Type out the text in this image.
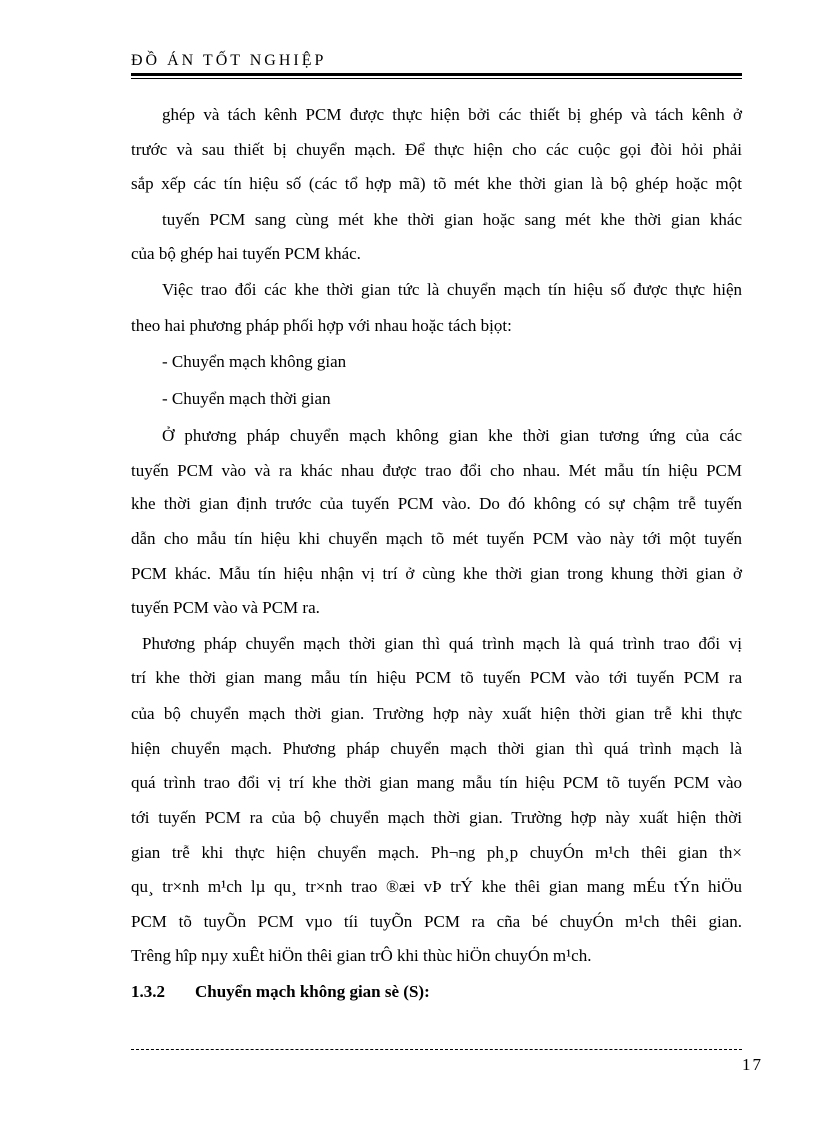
ĐỒ ÁN TỐT NGHIỆP
ghép và tách kênh PCM được thực hiện bởi các thiết bị ghép và tách kênh ở
trước và sau thiết bị chuyển mạch. Để thực hiện cho các cuộc gọi đòi hỏi phải
sắp xếp các tín hiệu số (các tổ hợp mã) tõ mét khe thời gian là bộ ghép hoặc một
tuyến PCM sang cùng mét khe thời gian hoặc sang mét khe thời gian khác
của bộ ghép hai tuyến PCM khác.
Việc trao đổi các khe thời gian tức là chuyển mạch tín hiệu số được thực hiện
theo hai phương pháp phối hợp với nhau hoặc tách bịọt:
- Chuyển mạch không gian
- Chuyển mạch thời gian
Ở phương pháp chuyển mạch không gian khe thời gian tương ứng của các
tuyến PCM vào và ra khác nhau được trao đổi cho nhau. Mét mẫu tín hiệu PCM
khe thời gian định trước của tuyến PCM vào. Do đó không có sự chậm trễ tuyến
dẫn cho mẫu tín hiệu khi chuyển mạch tõ mét tuyến PCM vào này tới một tuyến
PCM khác. Mẫu tín hiệu nhận vị trí ở cùng khe thời gian trong khung thời gian ở
tuyến PCM vào và PCM ra.
Phương pháp chuyển mạch thời gian thì quá trình mạch là quá trình trao đổi vị
trí khe thời gian mang mẫu tín hiệu PCM tõ tuyến PCM vào tới tuyến PCM ra
của bộ chuyển mạch thời gian. Trường hợp này xuất hiện thời gian trễ khi thực
hiện chuyển mạch. Phương pháp chuyển mạch thời gian thì quá trình mạch là
quá trình trao đổi vị trí khe thời gian mang mẫu tín hiệu PCM tõ tuyến PCM vào
tới tuyến PCM ra của bộ chuyển mạch thời gian. Trường hợp này xuất hiện thời
gian trễ khi thực hiện chuyển mạch. Ph¬ng ph¸p chuyÓn m¹ch thêi gian th×
qu¸ tr×nh m¹ch lµ qu¸ tr×nh trao ®æi vÞ trÝ khe thêi gian mang mÉu tÝn hiÖu
PCM tõ tuyÕn PCM vµo tíi tuyÕn PCM ra cña bé chuyÓn m¹ch thêi gian.
Trêng hîp nµy xuÊt hiÖn thêi gian trÔ khi thùc hiÖn chuyÓn m¹ch.
1.3.2 Chuyển mạch không gian sè (S):
17
